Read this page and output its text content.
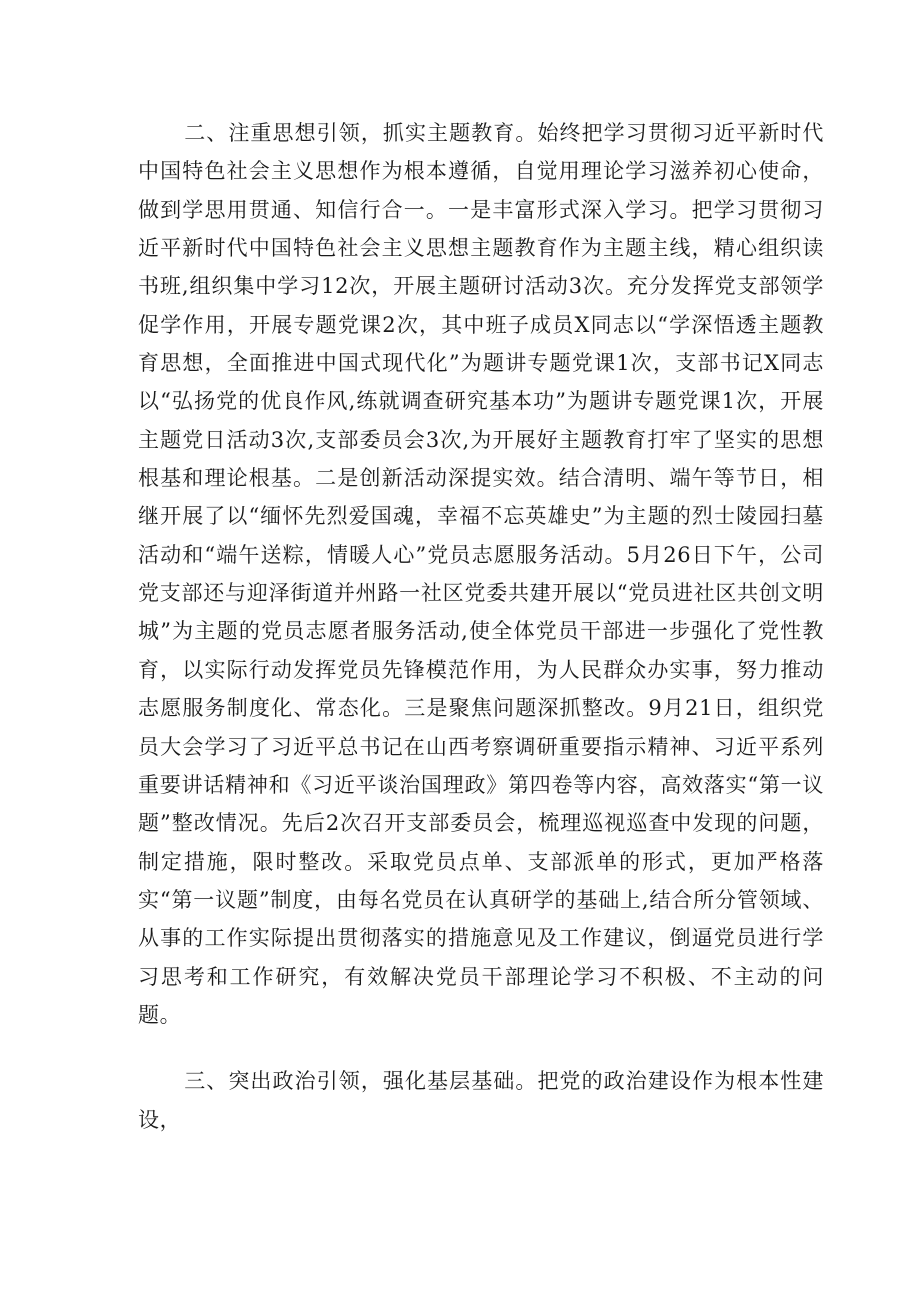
二、注重思想引领，抓实主题教育。始终把学习贯彻习近平新时代中国特色社会主义思想作为根本遵循，自觉用理论学习滋养初心使命，做到学思用贯通、知信行合一。一是丰富形式深入学习。把学习贯彻习近平新时代中国特色社会主义思想主题教育作为主题主线，精心组织读书班,组织集中学习12次，开展主题研讨活动3次。充分发挥党支部领学促学作用，开展专题党课2次，其中班子成员X同志以“学深悟透主题教育思想，全面推进中国式现代化”为题讲专题党课1次，支部书记X同志以“弘扬党的优良作风,练就调查研究基本功”为题讲专题党课1次，开展主题党日活动3次,支部委员会3次,为开展好主题教育打牢了坚实的思想根基和理论根基。二是创新活动深提实效。结合清明、端午等节日，相继开展了以“缅怀先烈爱国魂，幸福不忘英雄史”为主题的烈士陵园扫墓活动和“端午送粽，情暖人心”党员志愿服务活动。5月26日下午，公司党支部还与迎泽街道并州路一社区党委共建开展以“党员进社区共创文明城”为主题的党员志愿者服务活动,使全体党员干部进一步强化了党性教育，以实际行动发挥党员先锋模范作用，为人民群众办实事，努力推动志愿服务制度化、常态化。三是聚焦问题深抓整改。9月21日，组织党员大会学习了习近平总书记在山西考察调研重要指示精神、习近平系列重要讲话精神和《习近平谈治国理政》第四卷等内容，高效落实“第一议题”整改情况。先后2次召开支部委员会，梳理巡视巡查中发现的问题，制定措施，限时整改。采取党员点单、支部派单的形式，更加严格落实“第一议题”制度，由每名党员在认真研学的基础上,结合所分管领域、从事的工作实际提出贯彻落实的措施意见及工作建议，倒逼党员进行学习思考和工作研究，有效解决党员干部理论学习不积极、不主动的问题。

三、突出政治引领，强化基层基础。把党的政治建设作为根本性建设，
